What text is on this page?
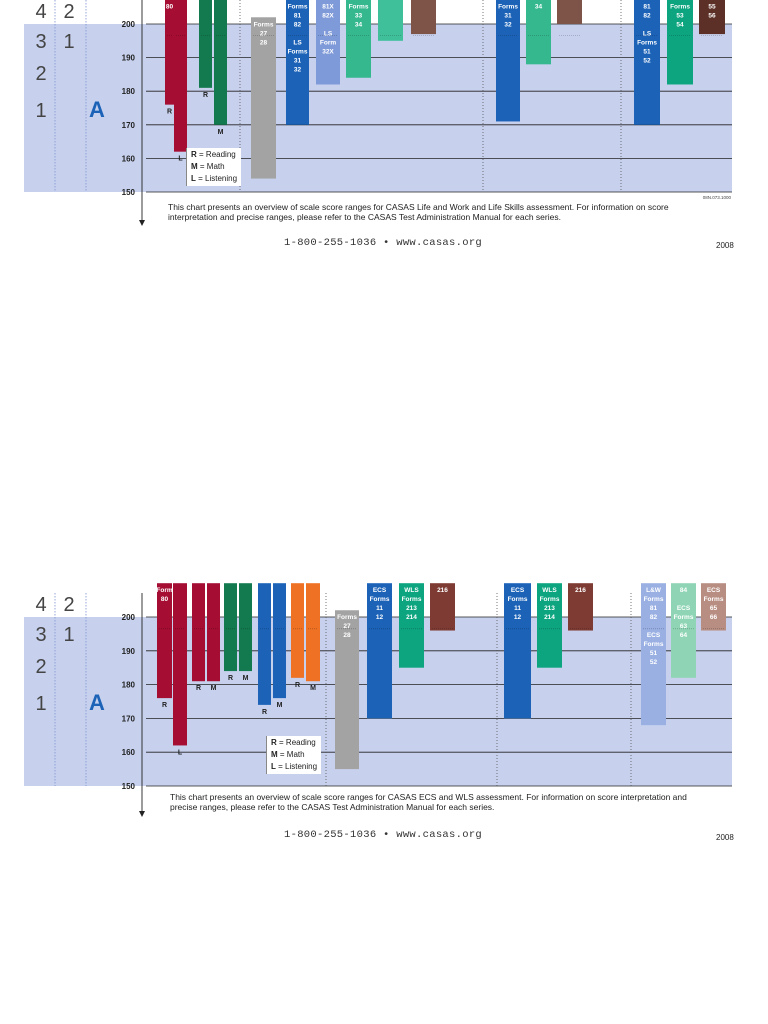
4
3
2
1
2
1
A
150
160
170
180
190
200
80
R
L
R
M
Forms
27
28
Forms
81
82
LS
Forms
31
32
81X
82X
LS
Form
32X
Forms
33
34
Forms
31
32
34	81
82
LS
Forms
51
52
Forms
53
54
55
56
08N.073.1000
R = Reading
M = Math
L = Listening
This chart presents an overview of scale score ranges for CASAS Life and Work and Life Skills assessment. For information on score interpretation and precise ranges, please refer to the CASAS Test Administration Manual for each series.
1-800-255-1036 • www.casas.org	2008
4
3
2
1
2
1
A
150
160
170
180
190
200
Form
80
R
L
R M
R M
R
M
R M
Forms
27
28
ECS
Forms
11
12
WLS
Forms
213
214
216	ECS
Forms
11
12
WLS
Forms
213
214
216	L&W
Forms
81
82
ECS
Forms
51
52
84
ECS
Forms
63
64
ECS
Forms
65
66
R = Reading
M = Math
L = Listening
This chart presents an overview of scale score ranges for CASAS ECS and WLS assessment. For information on score interpretation and precise ranges, please refer to the CASAS Test Administration Manual for each series.
1-800-255-1036 • www.casas.org	2008
